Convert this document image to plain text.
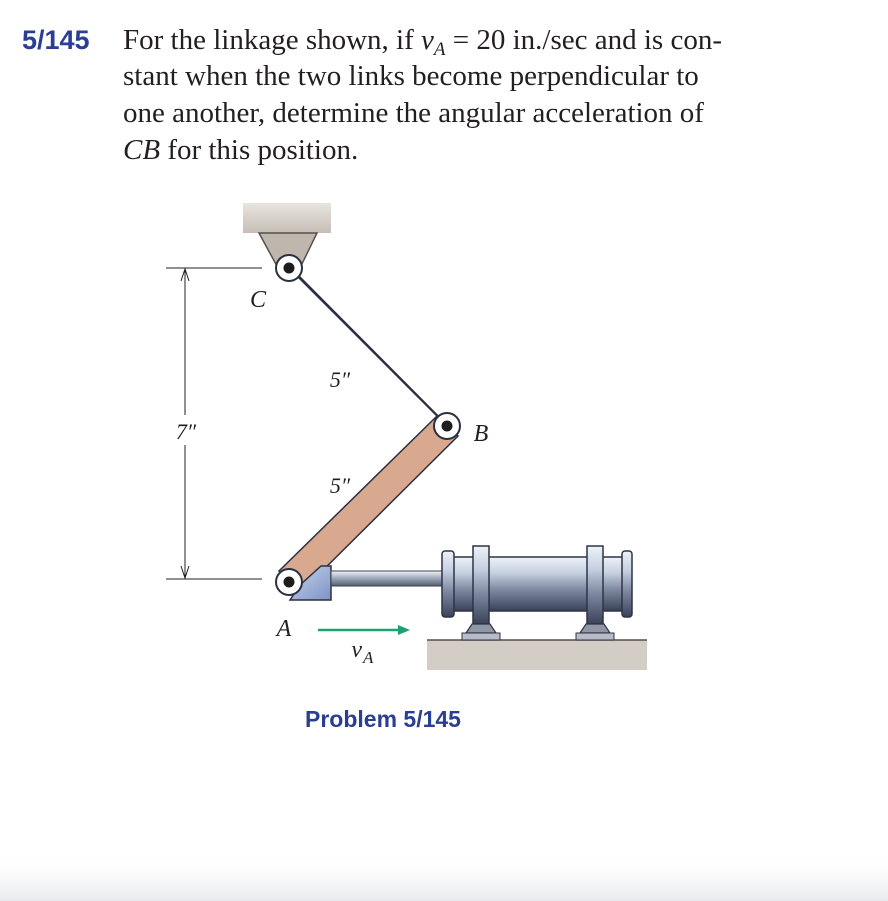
5/145 For the linkage shown, if $v_A = 20$ in./sec and is con-
stant when the two links become perpendicular to
one another, determine the angular acceleration of
CB for this position.
7″
C
B
A
5″
5″
v A
Problem 5/145
